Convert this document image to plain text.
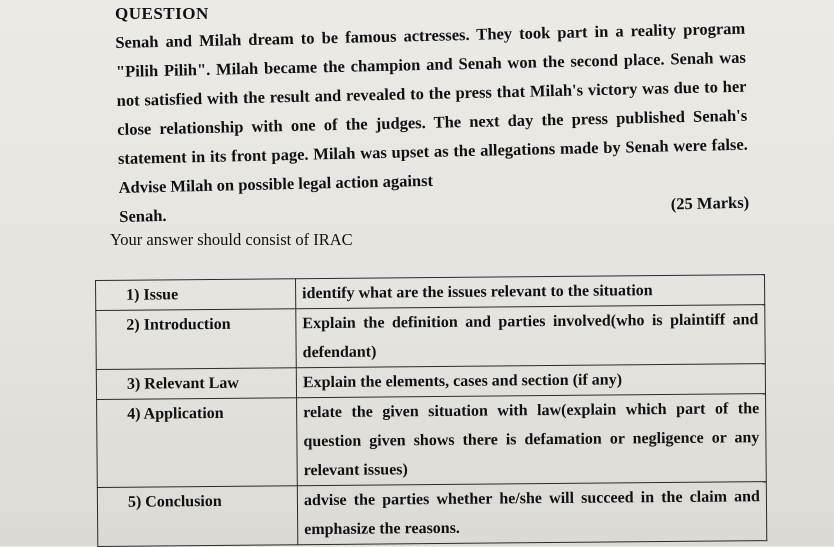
QUESTION
Senah and Milah dream to be famous actresses. They took part in a reality program "Pilih Pilih". Milah became the champion and Senah won the second place. Senah was not satisfied with the result and revealed to the press that Milah's victory was due to her close relationship with one of the judges. The next day the press published Senah's statement in its front page. Milah was upset as the allegations made by Senah were false. Advise Milah on possible legal action against
Senah.
(25 Marks)
Your answer should consist of IRAC
1) Issue	identify what are the issues relevant to the situation
2) Introduction	Explain the definition and parties involved(who is plaintiff and defendant)
3) Relevant Law	Explain the elements, cases and section (if any)
4) Application	relate the given situation with law(explain which part of the question given shows there is defamation or negligence or any relevant issues)
5) Conclusion	advise the parties whether he/she will succeed in the claim and emphasize the reasons.
